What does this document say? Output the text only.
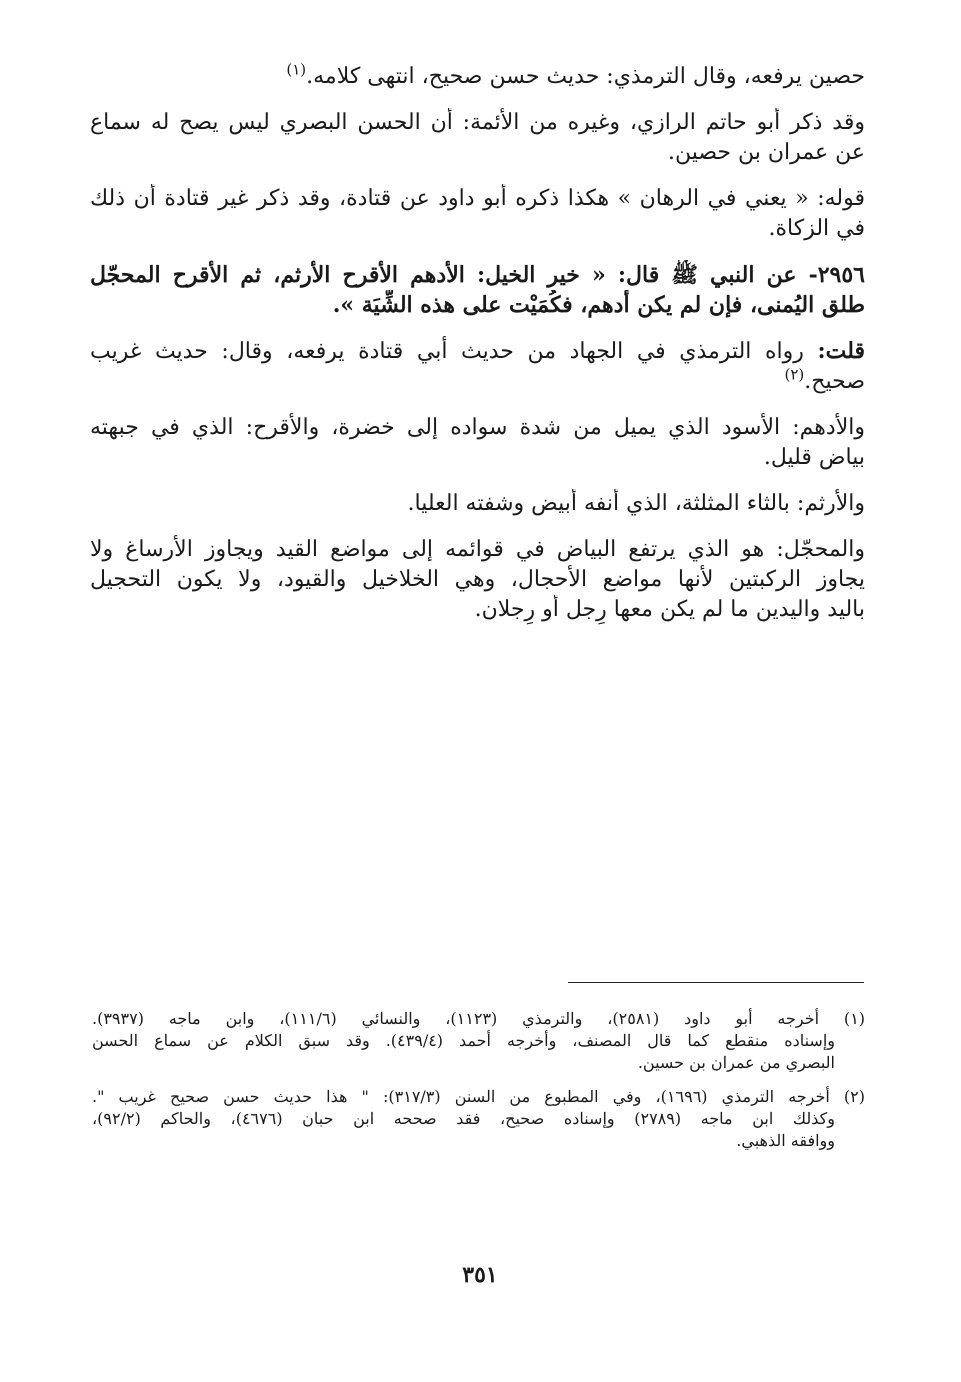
حصين يرفعه، وقال الترمذي: حديث حسن صحيح، انتهى كلامه.$^{(١)}$
وقد ذكر أبو حاتم الرازي، وغيره من الأئمة: أن الحسن البصري ليس يصح له سماع
عن عمران بن حصين.
قوله: « يعني في الرهان » هكذا ذكره أبو داود عن قتادة، وقد ذكر غير قتادة أن ذلك
في الزكاة.
٢٩٥٦- عن النبي ﷺ قال: « خير الخيل: الأدهم الأقرح الأرثم، ثم الأقرح المحجّل
طلق اليُمنى، فإن لم يكن أدهم، فكُمَيْت على هذه الشِّيَة ».
قلت: رواه الترمذي في الجهاد من حديث أبي قتادة يرفعه، وقال: حديث غريب
صحيح.$^{(٢)}$
والأدهم: الأسود الذي يميل من شدة سواده إلى خضرة، والأقرح: الذي في جبهته
بياض قليل.
والأرثم: بالثاء المثلثة، الذي أنفه أبيض وشفته العليا.
والمحجّل: هو الذي يرتفع البياض في قوائمه إلى مواضع القيد ويجاوز الأرساغ ولا
يجاوز الركبتين لأنها مواضع الأحجال، وهي الخلاخيل والقيود، ولا يكون التحجيل
باليد واليدين ما لم يكن معها رِجل أو رِجلان.
(١) أخرجه أبو داود (٢٥٨١)، والترمذي (١١٢٣)، والنسائي (١١١/٦)، وابن ماجه (٣٩٣٧).
وإسناده منقطع كما قال المصنف، وأخرجه أحمد (٤٣٩/٤). وقد سبق الكلام عن سماع الحسن
البصري من عمران بن حسين.
(٢) أخرجه الترمذي (١٦٩٦)، وفي المطبوع من السنن (٣١٧/٣): " هذا حديث حسن صحيح غريب ".
وكذلك ابن ماجه (٢٧٨٩) وإسناده صحيح، فقد صححه ابن حبان (٤٦٧٦)، والحاكم (٩٢/٢)،
ووافقه الذهبي.
٣٥١
